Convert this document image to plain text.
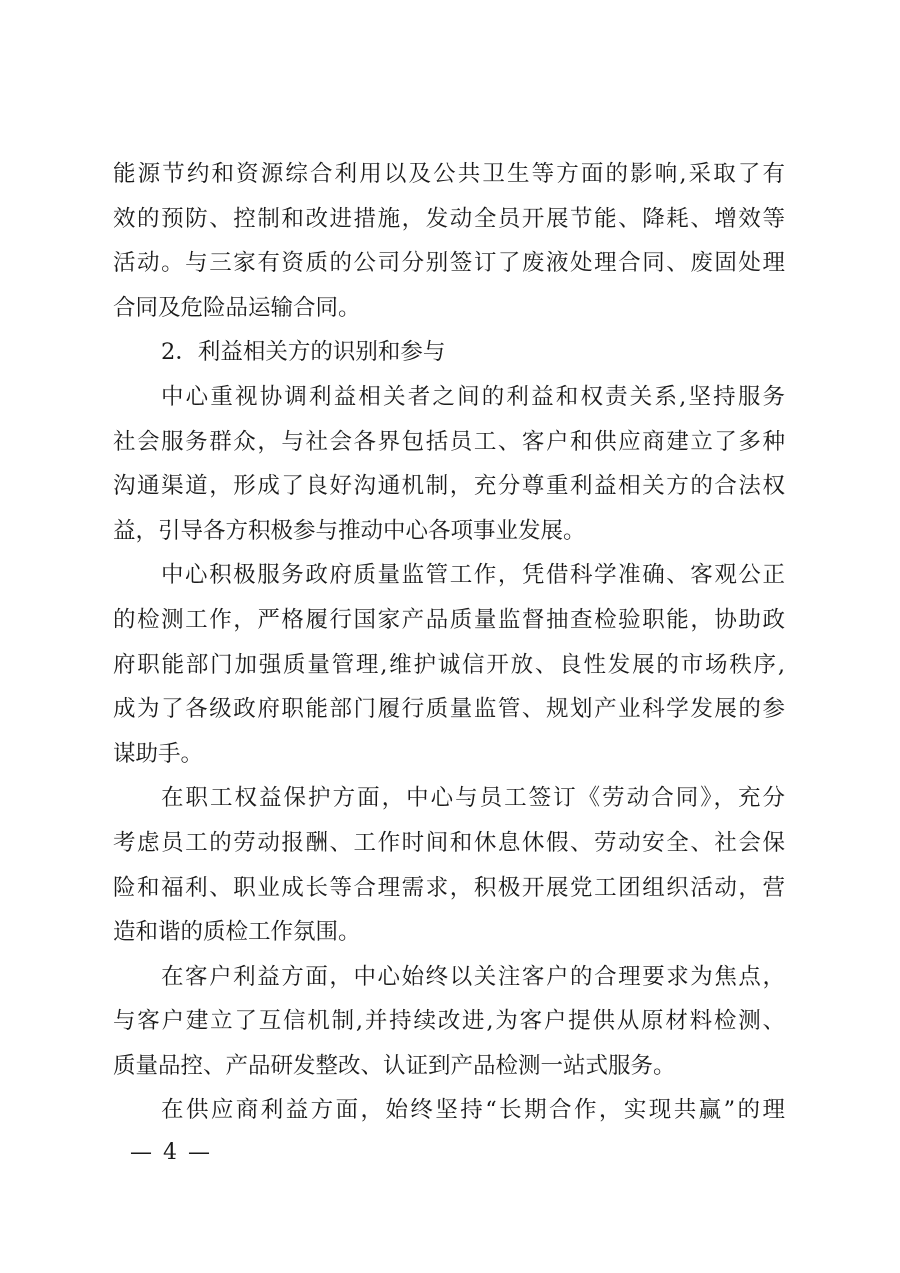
能源节约和资源综合利用以及公共卫生等方面的影响,采取了有
效的预防、控制和改进措施，发动全员开展节能、降耗、增效等
活动。与三家有资质的公司分别签订了废液处理合同、废固处理
合同及危险品运输合同。
2．利益相关方的识别和参与
中心重视协调利益相关者之间的利益和权责关系,坚持服务
社会服务群众，与社会各界包括员工、客户和供应商建立了多种
沟通渠道，形成了良好沟通机制，充分尊重利益相关方的合法权
益，引导各方积极参与推动中心各项事业发展。
中心积极服务政府质量监管工作，凭借科学准确、客观公正
的检测工作，严格履行国家产品质量监督抽查检验职能，协助政
府职能部门加强质量管理,维护诚信开放、良性发展的市场秩序,
成为了各级政府职能部门履行质量监管、规划产业科学发展的参
谋助手。
在职工权益保护方面，中心与员工签订《劳动合同》，充分
考虑员工的劳动报酬、工作时间和休息休假、劳动安全、社会保
险和福利、职业成长等合理需求，积极开展党工团组织活动，营
造和谐的质检工作氛围。
在客户利益方面，中心始终以关注客户的合理要求为焦点，
与客户建立了互信机制,并持续改进,为客户提供从原材料检测、
质量品控、产品研发整改、认证到产品检测一站式服务。
在供应商利益方面，始终坚持“长期合作，实现共赢”的理
— 4 —
